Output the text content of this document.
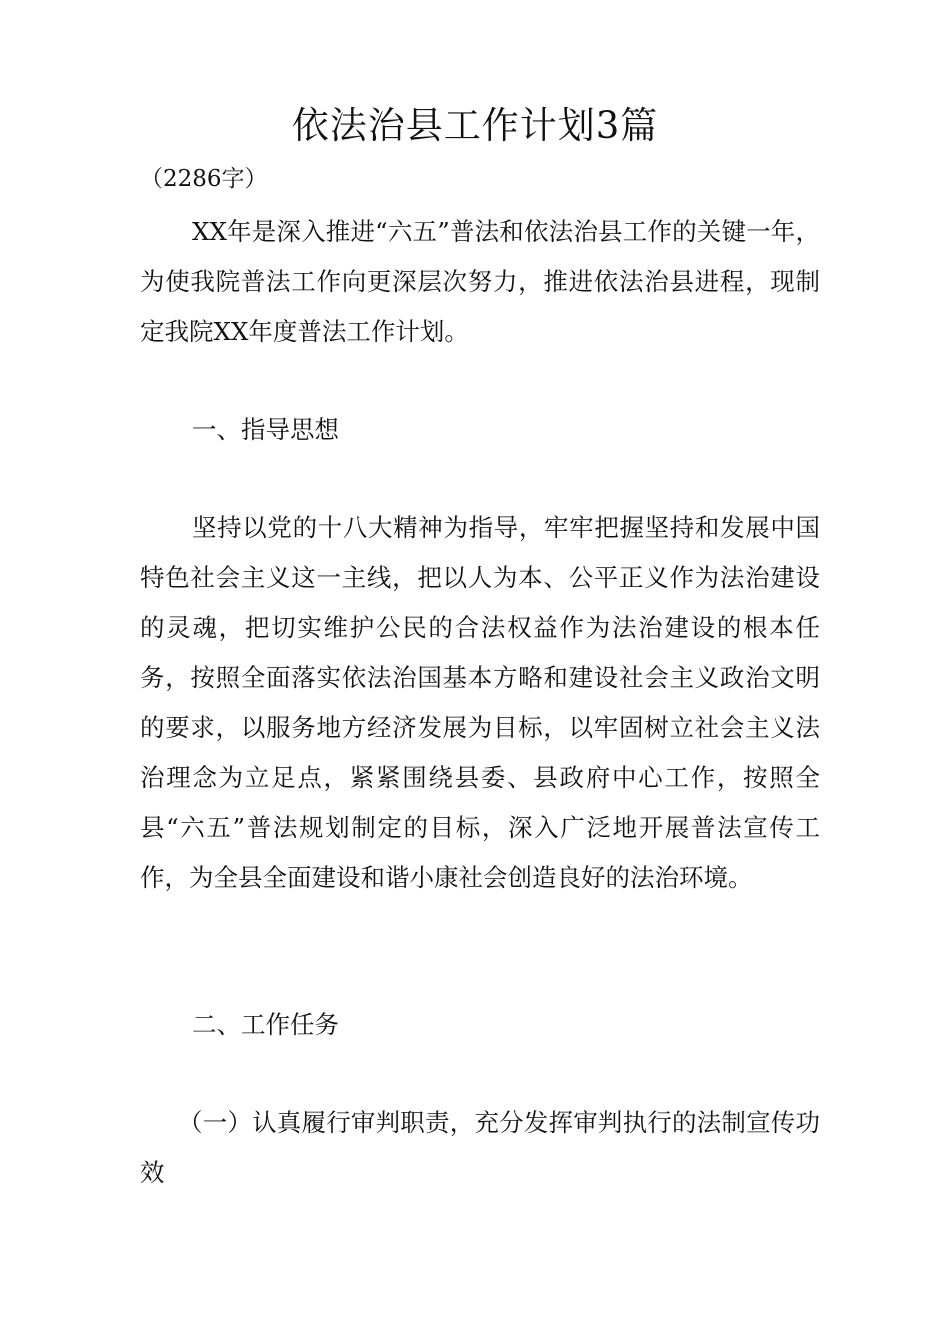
依法治县工作计划3篇
（2286字）

XX年是深入推进“六五”普法和依法治县工作的关键一年，为使我院普法工作向更深层次努力，推进依法治县进程，现制定我院XX年度普法工作计划。

一、指导思想

坚持以党的十八大精神为指导，牢牢把握坚持和发展中国特色社会主义这一主线，把以人为本、公平正义作为法治建设的灵魂，把切实维护公民的合法权益作为法治建设的根本任务，按照全面落实依法治国基本方略和建设社会主义政治文明的要求，以服务地方经济发展为目标，以牢固树立社会主义法治理念为立足点，紧紧围绕县委、县政府中心工作，按照全县“六五”普法规划制定的目标，深入广泛地开展普法宣传工作，为全县全面建设和谐小康社会创造良好的法治环境。

二、工作任务

（一）认真履行审判职责，充分发挥审判执行的法制宣传功效
